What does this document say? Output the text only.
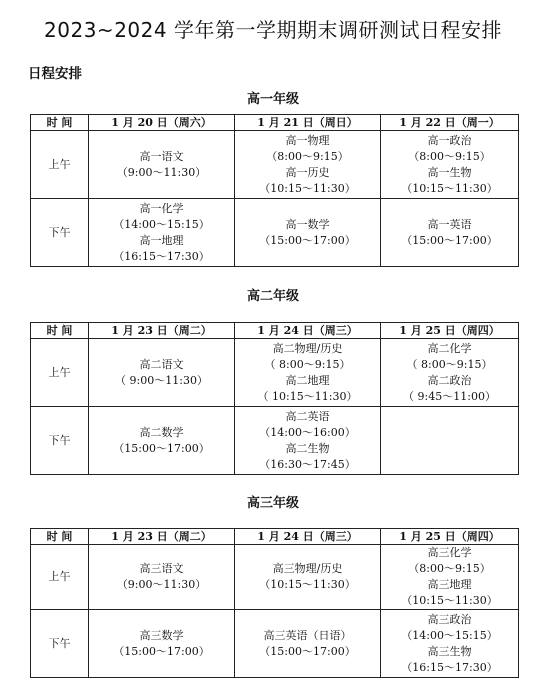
2023~2024 学年第一学期期末调研测试日程安排
日程安排
高一年级
时 间	1 月 20 日（周六）	1 月 21 日（周日）	1 月 22 日（周一）
上午	高一语文
（9:00～11:30）	高一物理
（8:00～9:15）
高一历史
（10:15～11:30）	高一政治
（8:00～9:15）
高一生物
（10:15～11:30）

下午	高一化学
（14:00～15:15）
高一地理
（16:15～17:30）	高一数学
（15:00～17:00）	高一英语
（15:00～17:00）
高二年级
时 间	1 月 23 日（周二）	1 月 24 日（周三）	1 月 25 日（周四）
上午	高二语文
（ 9:00～11:30）	高二物理/历史
（ 8:00～9:15）
高二地理
（ 10:15～11:30）	高二化学
（ 8:00～9:15）
高二政治
（ 9:45～11:00）

下午	高二数学
（15:00～17:00）	高二英语
（14:00～16:00）
高二生物
（16:30～17:45）	

高三年级
时 间	1 月 23 日（周二）	1 月 24 日（周三）	1 月 25 日（周四）
上午	高三语文
（9:00～11:30）	高三物理/历史
（10:15～11:30）	高三化学
（8:00～9:15）
高三地理
（10:15～11:30）

下午	高三数学
（15:00～17:00）	高三英语（日语）
（15:00～17:00）	高三政治
（14:00～15:15）
高三生物
（16:15～17:30）
